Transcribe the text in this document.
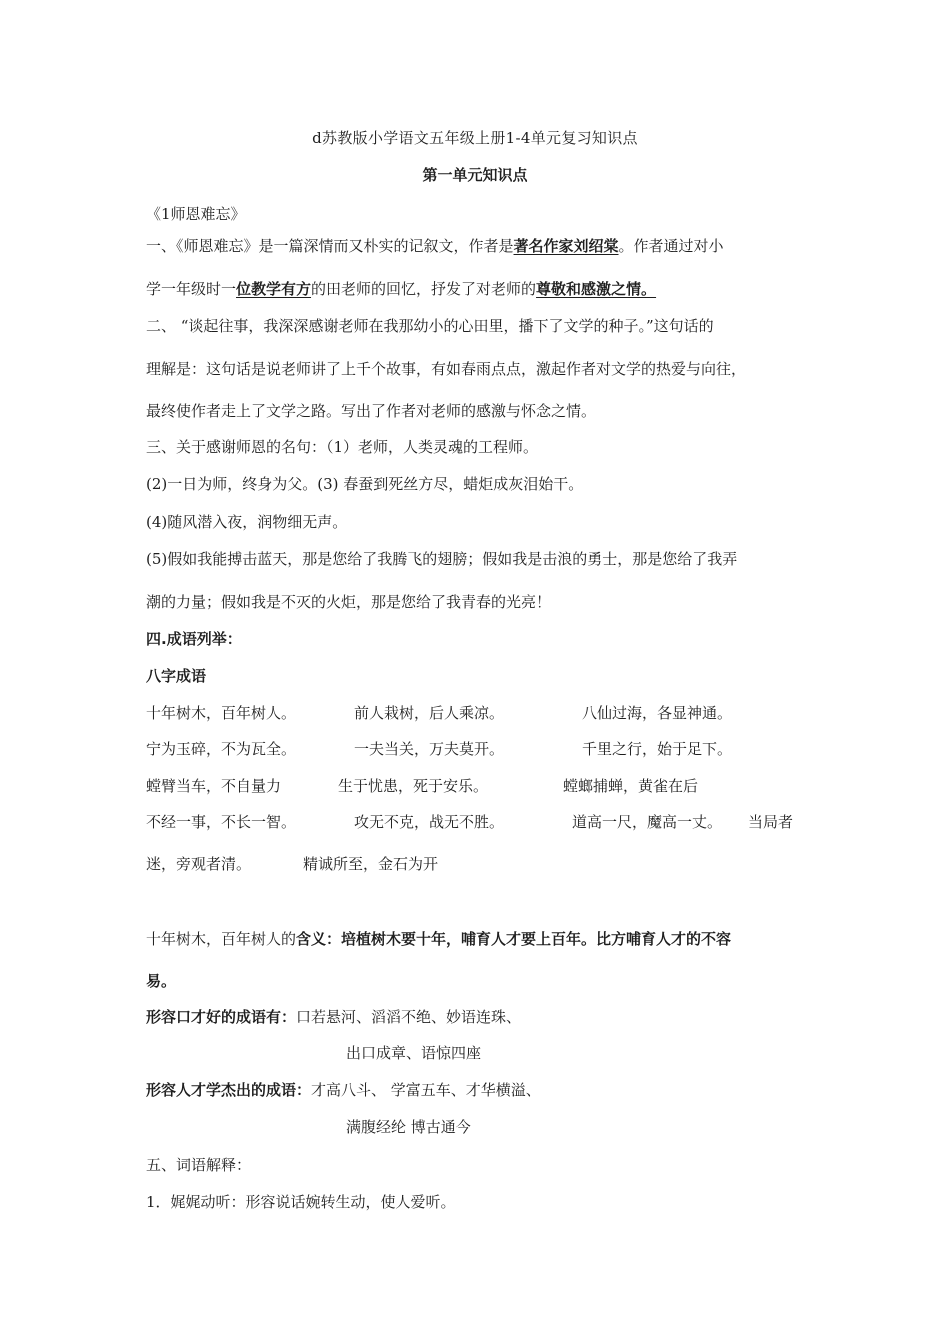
d苏教版小学语文五年级上册1-4单元复习知识点
第一单元知识点
《1师恩难忘》
一、《师恩难忘》是一篇深情而又朴实的记叙文，作者是著名作家刘绍棠。作者通过对小
学一年级时一位教学有方的田老师的回忆，抒发了对老师的尊敬和感激之情。
二、 “谈起往事，我深深感谢老师在我那幼小的心田里，播下了文学的种子。”这句话的
理解是：这句话是说老师讲了上千个故事，有如春雨点点，激起作者对文学的热爱与向往，
最终使作者走上了文学之路。写出了作者对老师的感激与怀念之情。
三、关于感谢师恩的名句：（1）老师，人类灵魂的工程师。
(2)一日为师，终身为父。(3) 春蚕到死丝方尽，蜡炬成灰泪始干。
(4)随风潜入夜，润物细无声。
(5)假如我能搏击蓝天，那是您给了我腾飞的翅膀；假如我是击浪的勇士，那是您给了我弄
潮的力量；假如我是不灭的火炬，那是您给了我青春的光亮！
四.成语列举：
八字成语
十年树木，百年树人。	前人栽树，后人乘凉。	八仙过海，各显神通。
宁为玉碎，不为瓦全。	一夫当关，万夫莫开。	千里之行，始于足下。
螳臂当车，不自量力	生于忧患，死于安乐。	螳螂捕蝉，黄雀在后
不经一事，不长一智。	攻无不克，战无不胜。	道高一尺，魔高一丈。 当局者
迷，旁观者清。	精诚所至，金石为开
十年树木，百年树人的含义：培植树木要十年，哺育人才要上百年。比方哺育人才的不容
易。
形容口才好的成语有：口若悬河、滔滔不绝、妙语连珠、
出口成章、语惊四座
形容人才学杰出的成语：才高八斗、 学富五车、才华横溢、
满腹经纶 博古通今
五、词语解释：
1．娓娓动听：形容说话婉转生动，使人爱听。
